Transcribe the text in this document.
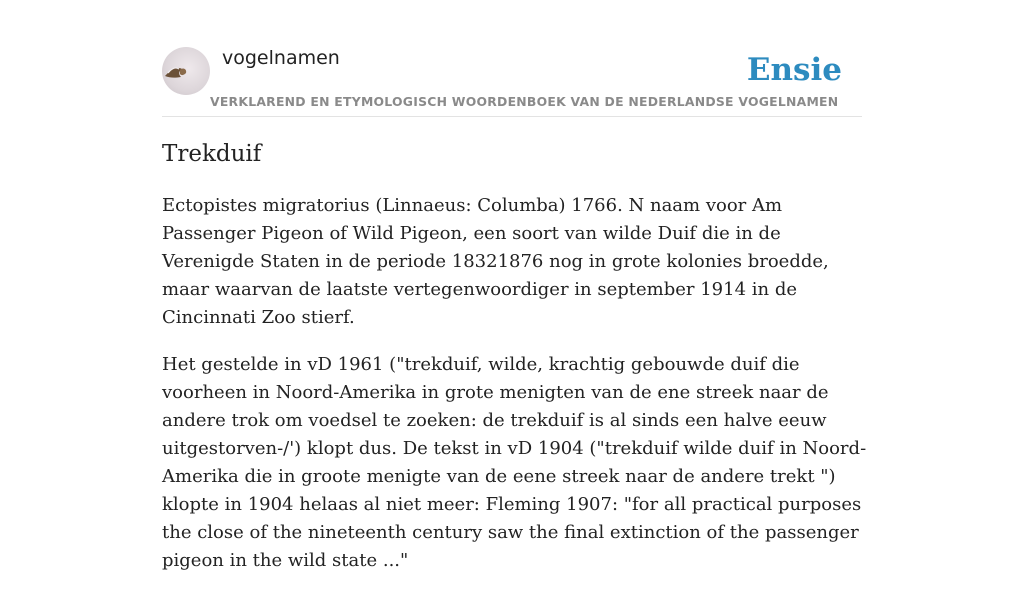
vogelnamen	Ensie
VERKLAREND EN ETYMOLOGISCH WOORDENBOEK VAN DE NEDERLANDSE VOGELNAMEN
Trekduif

Ectopistes migratorius (Linnaeus: Columba) 1766. N naam voor Am Passenger Pigeon of Wild Pigeon, een soort van wilde Duif die in de Verenigde Staten in de periode 18321876 nog in grote kolonies broedde, maar waarvan de laatste vertegenwoordiger in september 1914 in de Cincinnati Zoo stierf.

Het gestelde in vD 1961 ("trekduif, wilde, krachtig gebouwde duif die voorheen in Noord-Amerika in grote menigten van de ene streek naar de andere trok om voedsel te zoeken: de trekduif is al sinds een halve eeuw uitgestorven-/') klopt dus. De tekst in vD 1904 ("trekduif wilde duif in Noord-Amerika die in groote menigte van de eene streek naar de andere trekt ") klopte in 1904 helaas al niet meer: Fleming 1907: "for all practical purposes the close of the nineteenth century saw the final extinction of the passenger pigeon in the wild state ..."
